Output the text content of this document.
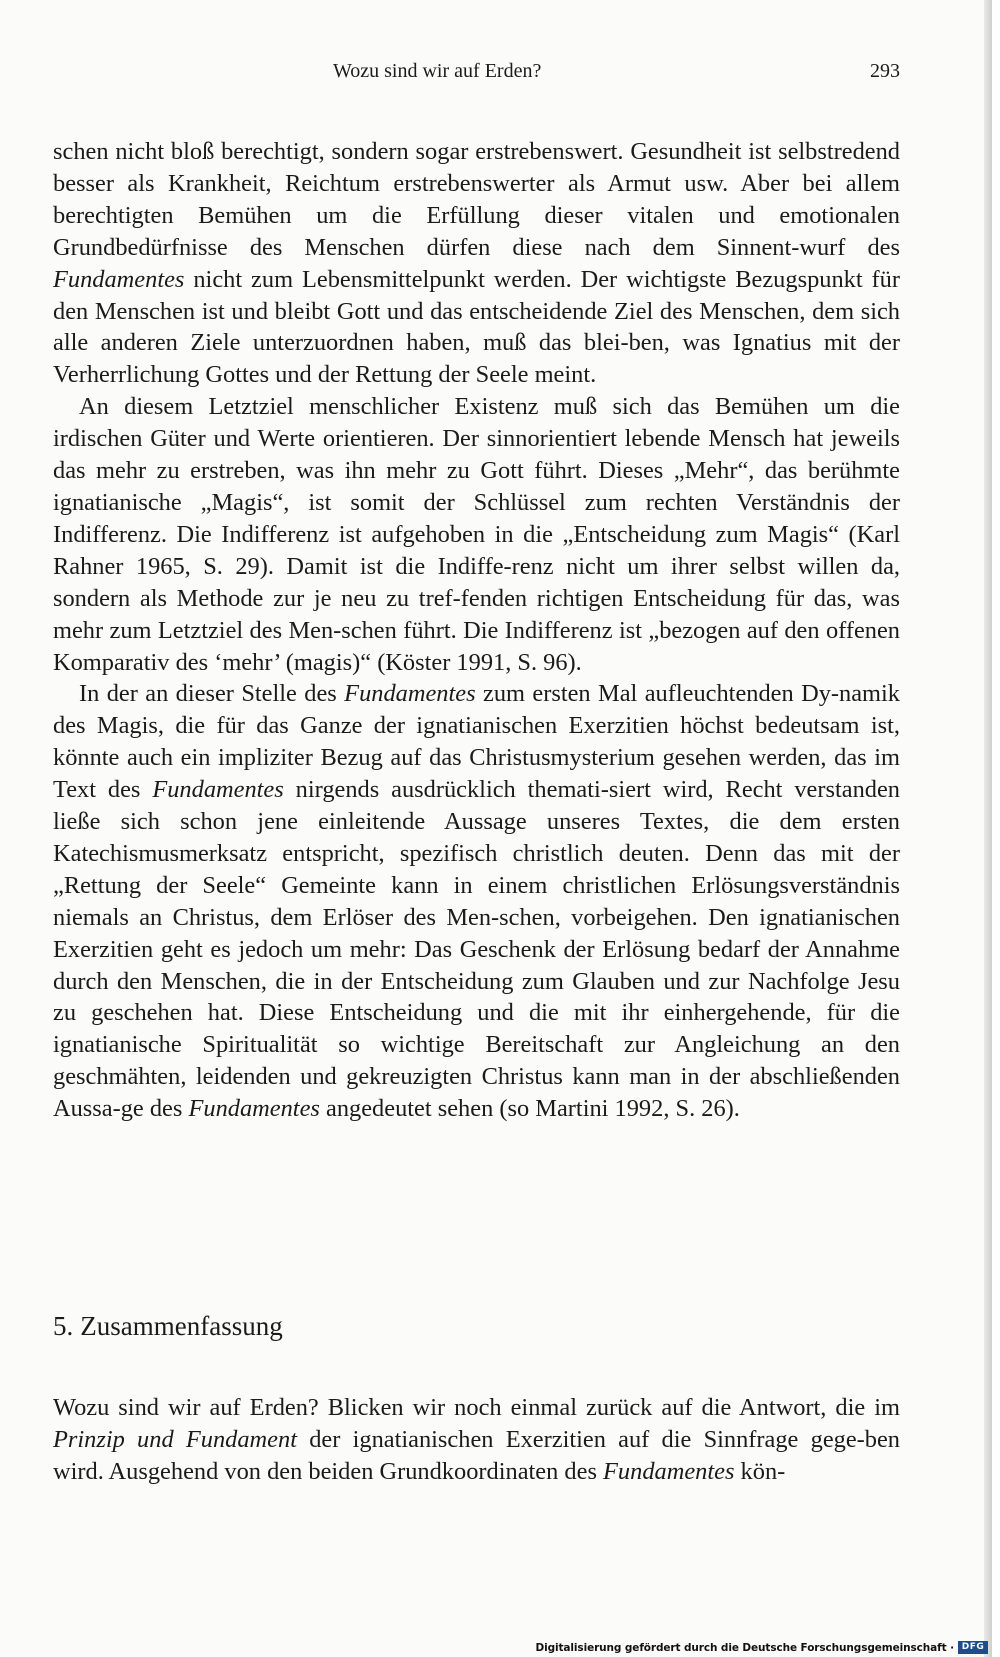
Wozu sind wir auf Erden?	293

schen nicht bloß berechtigt, sondern sogar erstrebenswert. Gesundheit ist selbstredend besser als Krankheit, Reichtum erstrebenswerter als Armut usw. Aber bei allem berechtigten Bemühen um die Erfüllung dieser vitalen und emotionalen Grundbedürfnisse des Menschen dürfen diese nach dem Sinnent-wurf des Fundamentes nicht zum Lebensmittelpunkt werden. Der wichtigste Bezugspunkt für den Menschen ist und bleibt Gott und das entscheidende Ziel des Menschen, dem sich alle anderen Ziele unterzuordnen haben, muß das blei-ben, was Ignatius mit der Verherrlichung Gottes und der Rettung der Seele meint.

An diesem Letztziel menschlicher Existenz muß sich das Bemühen um die irdischen Güter und Werte orientieren. Der sinnorientiert lebende Mensch hat jeweils das mehr zu erstreben, was ihn mehr zu Gott führt. Dieses „Mehr“, das berühmte ignatianische „Magis“, ist somit der Schlüssel zum rechten Verständnis der Indifferenz. Die Indifferenz ist aufgehoben in die „Entscheidung zum Magis“ (Karl Rahner 1965, S. 29). Damit ist die Indiffe-renz nicht um ihrer selbst willen da, sondern als Methode zur je neu zu tref-fenden richtigen Entscheidung für das, was mehr zum Letztziel des Men-schen führt. Die Indifferenz ist „bezogen auf den offenen Komparativ des ‘mehr’ (magis)“ (Köster 1991, S. 96).

In der an dieser Stelle des Fundamentes zum ersten Mal aufleuchtenden Dy-namik des Magis, die für das Ganze der ignatianischen Exerzitien höchst bedeutsam ist, könnte auch ein impliziter Bezug auf das Christusmysterium gesehen werden, das im Text des Fundamentes nirgends ausdrücklich themati-siert wird, Recht verstanden ließe sich schon jene einleitende Aussage unseres Textes, die dem ersten Katechismusmerksatz entspricht, spezifisch christlich deuten. Denn das mit der „Rettung der Seele“ Gemeinte kann in einem christlichen Erlösungsverständnis niemals an Christus, dem Erlöser des Men-schen, vorbeigehen. Den ignatianischen Exerzitien geht es jedoch um mehr: Das Geschenk der Erlösung bedarf der Annahme durch den Menschen, die in der Entscheidung zum Glauben und zur Nachfolge Jesu zu geschehen hat. Diese Entscheidung und die mit ihr einhergehende, für die ignatianische Spiritualität so wichtige Bereitschaft zur Angleichung an den geschmähten, leidenden und gekreuzigten Christus kann man in der abschließenden Aussa-ge des Fundamentes angedeutet sehen (so Martini 1992, S. 26).

5. Zusammenfassung

Wozu sind wir auf Erden? Blicken wir noch einmal zurück auf die Antwort, die im Prinzip und Fundament der ignatianischen Exerzitien auf die Sinnfrage gege-ben wird. Ausgehend von den beiden Grundkoordinaten des Fundamentes kön-

Digitalisierung gefördert durch die Deutsche Forschungsgemeinschaft · DFG
